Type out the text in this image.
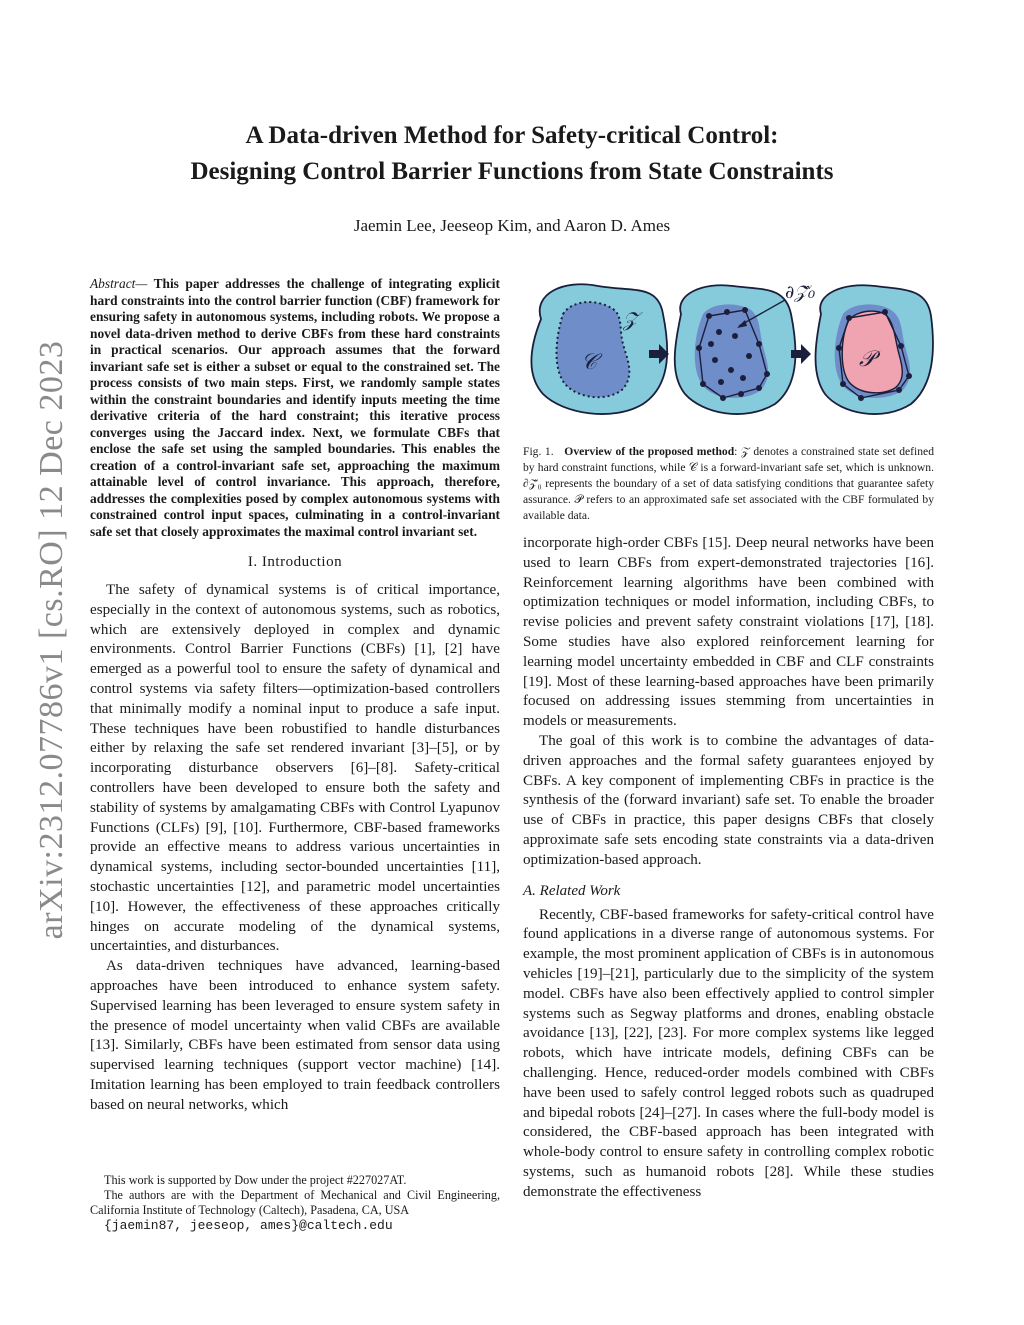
arXiv:2312.07786v1 [cs.RO] 12 Dec 2023
A Data-driven Method for Safety-critical Control:
Designing Control Barrier Functions from State Constraints
Jaemin Lee, Jeeseop Kim, and Aaron D. Ames

Abstract— This paper addresses the challenge of integrating explicit hard constraints into the control barrier function (CBF) framework for ensuring safety in autonomous systems, including robots. We propose a novel data-driven method to derive CBFs from these hard constraints in practical scenarios. Our approach assumes that the forward invariant safe set is either a subset or equal to the constrained set. The process consists of two main steps. First, we randomly sample states within the constraint boundaries and identify inputs meeting the time derivative criteria of the hard constraint; this iterative process converges using the Jaccard index. Next, we formulate CBFs that enclose the safe set using the sampled boundaries. This enables the creation of a control-invariant safe set, approaching the maximum attainable level of control invariance. This approach, therefore, addresses the complexities posed by complex autonomous systems with constrained control input spaces, culminating in a control-invariant safe set that closely approximates the maximal control invariant set.

I. Introduction

The safety of dynamical systems is of critical importance, especially in the context of autonomous systems, such as robotics, which are extensively deployed in complex and dynamic environments. Control Barrier Functions (CBFs) [1], [2] have emerged as a powerful tool to ensure the safety of dynamical and control systems via safety filters—optimization-based controllers that minimally modify a nominal input to produce a safe input. These techniques have been robustified to handle disturbances either by relaxing the safe set rendered invariant [3]–[5], or by incorporating disturbance observers [6]–[8]. Safety-critical controllers have been developed to ensure both the safety and stability of systems by amalgamating CBFs with Control Lyapunov Functions (CLFs) [9], [10]. Furthermore, CBF-based frameworks provide an effective means to address various uncertainties in dynamical systems, including sector-bounded uncertainties [11], stochastic uncertainties [12], and parametric model uncertainties [10]. However, the effectiveness of these approaches critically hinges on accurate modeling of the dynamical systems, uncertainties, and disturbances.

As data-driven techniques have advanced, learning-based approaches have been introduced to enhance system safety. Supervised learning has been leveraged to ensure system safety in the presence of model uncertainty when valid CBFs are available [13]. Similarly, CBFs have been estimated from sensor data using supervised learning techniques (support vector machine) [14]. Imitation learning has been employed to train feedback controllers based on neural networks, which

This work is supported by Dow under the project #227027AT.

The authors are with the Department of Mechanical and Civil Engineering, California Institute of Technology (Caltech), Pasadena, CA, USA

{jaemin87, jeeseop, ames}@caltech.edu

𝒵
𝒞
∂𝒵̂₀
𝒫
Fig. 1. Overview of the proposed method: 𝒵 denotes a constrained state set defined by hard constraint functions, while 𝒞 is a forward-invariant safe set, which is unknown. ∂𝒵̂₀ represents the boundary of a set of data satisfying conditions that guarantee safety assurance. 𝒫 refers to an approximated safe set associated with the CBF formulated by available data.

incorporate high-order CBFs [15]. Deep neural networks have been used to learn CBFs from expert-demonstrated trajectories [16]. Reinforcement learning algorithms have been combined with optimization techniques or model information, including CBFs, to revise policies and prevent safety constraint violations [17], [18]. Some studies have also explored reinforcement learning for learning model uncertainty embedded in CBF and CLF constraints [19]. Most of these learning-based approaches have been primarily focused on addressing issues stemming from uncertainties in models or measurements.

The goal of this work is to combine the advantages of data-driven approaches and the formal safety guarantees enjoyed by CBFs. A key component of implementing CBFs in practice is the synthesis of the (forward invariant) safe set. To enable the broader use of CBFs in practice, this paper designs CBFs that closely approximate safe sets encoding state constraints via a data-driven optimization-based approach.

A. Related Work

Recently, CBF-based frameworks for safety-critical control have found applications in a diverse range of autonomous systems. For example, the most prominent application of CBFs is in autonomous vehicles [19]–[21], particularly due to the simplicity of the system model. CBFs have also been effectively applied to control simpler systems such as Segway platforms and drones, enabling obstacle avoidance [13], [22], [23]. For more complex systems like legged robots, which have intricate models, defining CBFs can be challenging. Hence, reduced-order models combined with CBFs have been used to safely control legged robots such as quadruped and bipedal robots [24]–[27]. In cases where the full-body model is considered, the CBF-based approach has been integrated with whole-body control to ensure safety in controlling complex robotic systems, such as humanoid robots [28]. While these studies demonstrate the effectiveness
